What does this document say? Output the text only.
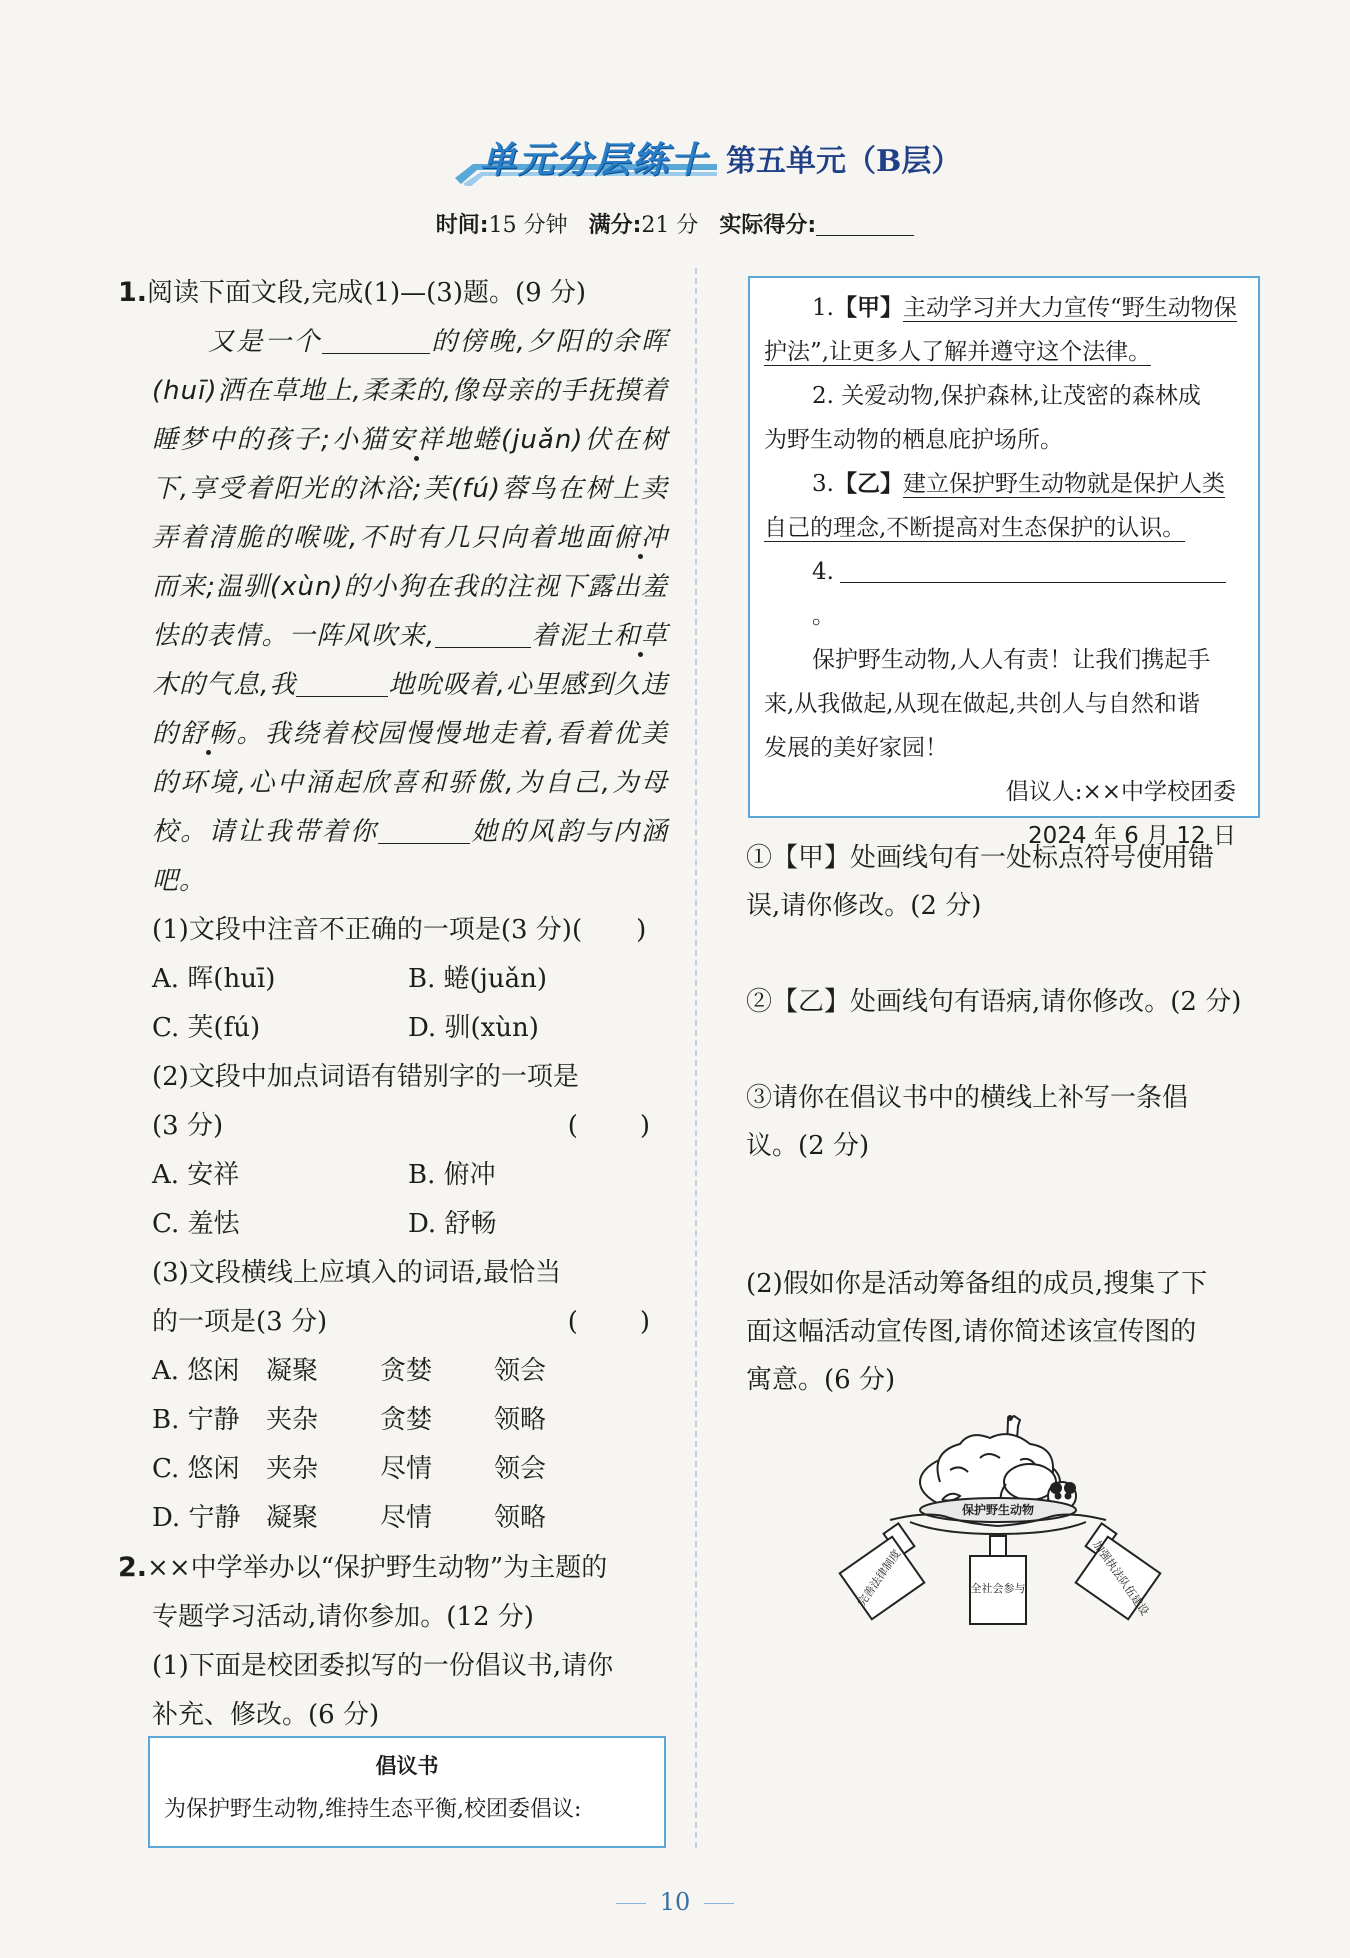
单元分层练十 第五单元（B层）
时间:15 分钟 满分:21 分 实际得分:
1.阅读下面文段,完成(1)—(3)题。(9 分)
又是一个	的傍晚,夕阳的余晖(huī)洒在草地上,柔柔的,像母亲的手抚摸着睡梦中的孩子;小猫安祥地蜷(juǎn)伏在树下,享受着阳光的沐浴;芙(fú)蓉鸟在树上卖弄着清脆的喉咙,不时有几只向着地面俯冲而来;温驯(xùn)的小狗在我的注视下露出羞怯的表情。一阵风吹来,	着泥土和草木的气息,我	地吮吸着,心里感到久违的舒畅。我绕着校园慢慢地走着,看着优美的环境,心中涌起欣喜和骄傲,为自己,为母校。请让我带着你	她的风韵与内涵吧。
(1)文段中注音不正确的一项是(3 分)(　)
A. 晖(huī)	B. 蜷(juǎn)
C. 芙(fú)	D. 驯(xùn)
(2)文段中加点词语有错别字的一项是
(3 分)	(　)
A. 安祥	B. 俯冲
C. 羞怯	D. 舒畅
(3)文段横线上应填入的词语,最恰当
的一项是(3 分)	(　)
A. 悠闲	凝聚	贪婪	领会
B. 宁静	夹杂	贪婪	领略
C. 悠闲	夹杂	尽情	领会
D. 宁静 凝聚	尽情	领略
2.××中学举办以“保护野生动物”为主题的
专题学习活动,请你参加。(12 分)
(1)下面是校团委拟写的一份倡议书,请你
补充、修改。(6 分)
倡议书
为保护野生动物,维持生态平衡,校团委倡议:

1.【甲】主动学习并大力宣传“野生动物保

护法”,让更多人了解并遵守这个法律。

2. 关爱动物,保护森林,让茂密的森林成

为野生动物的栖息庇护场所。

3.【乙】建立保护野生动物就是保护人类

自己的理念,不断提高对生态保护的认识。

4.。

保护野生动物,人人有责！让我们携起手

来,从我做起,从现在做起,共创人与自然和谐

发展的美好家园！

倡议人:××中学校团委

2024 年 6 月 12 日

①【甲】处画线句有一处标点符号使用错

误,请你修改。(2 分)

②【乙】处画线句有语病,请你修改。(2 分)

③请你在倡议书中的横线上补写一条倡

议。(2 分)

(2)假如你是活动筹备组的成员,搜集了下

面这幅活动宣传图,请你简述该宣传图的

寓意。(6 分)

保护野生动物
完善法律制度	全社会参与	加强执法队伍建设
10
